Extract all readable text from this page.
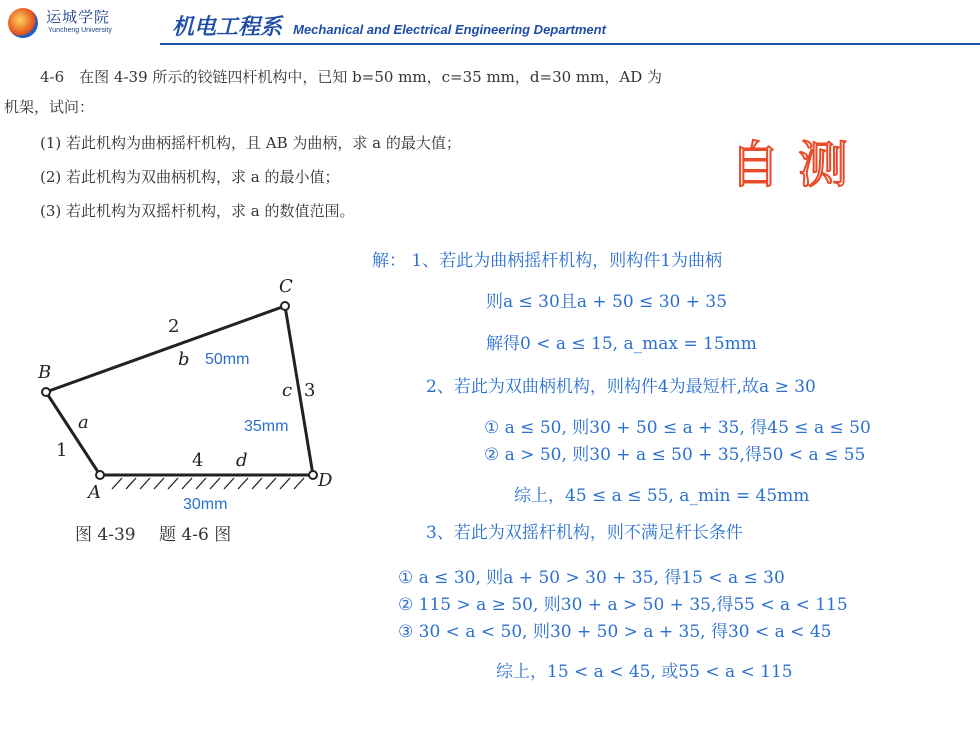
运城学院
Yuncheng University	机电工程系 Mechanical and Electrical Engineering Department
4-6　在图 4-39 所示的铰链四杆机构中，已知 b=50 mm，c=35 mm，d=30 mm，AD 为
机架，试问：
(1) 若此机构为曲柄摇杆机构，且 AB 为曲柄，求 a 的最大值；
(2) 若此机构为双曲柄机构，求 a 的最小值；
(3) 若此机构为双摇杆机构，求 a 的数值范围。
自测
B
C
A
D
a
b
c
d
1
2
3
4
50mm
35mm
30mm
图 4-39 题 4-6 图
解： 1、若此为曲柄摇杆机构，则构件1为曲柄
则a ≤ 30且a + 50 ≤ 30 + 35
解得0 < a ≤ 15, a_max = 15mm
2、若此为双曲柄机构，则构件4为最短杆,故a ≥ 30
① a ≤ 50, 则30 + 50 ≤ a + 35, 得45 ≤ a ≤ 50
② a > 50, 则30 + a ≤ 50 + 35,得50 < a ≤ 55
综上，45 ≤ a ≤ 55, a_min = 45mm
3、若此为双摇杆机构，则不满足杆长条件
① a ≤ 30, 则a + 50 > 30 + 35, 得15 < a ≤ 30
② 115 > a ≥ 50, 则30 + a > 50 + 35,得55 < a < 115
③ 30 < a < 50, 则30 + 50 > a + 35, 得30 < a < 45
综上，15 < a < 45, 或55 < a < 115
